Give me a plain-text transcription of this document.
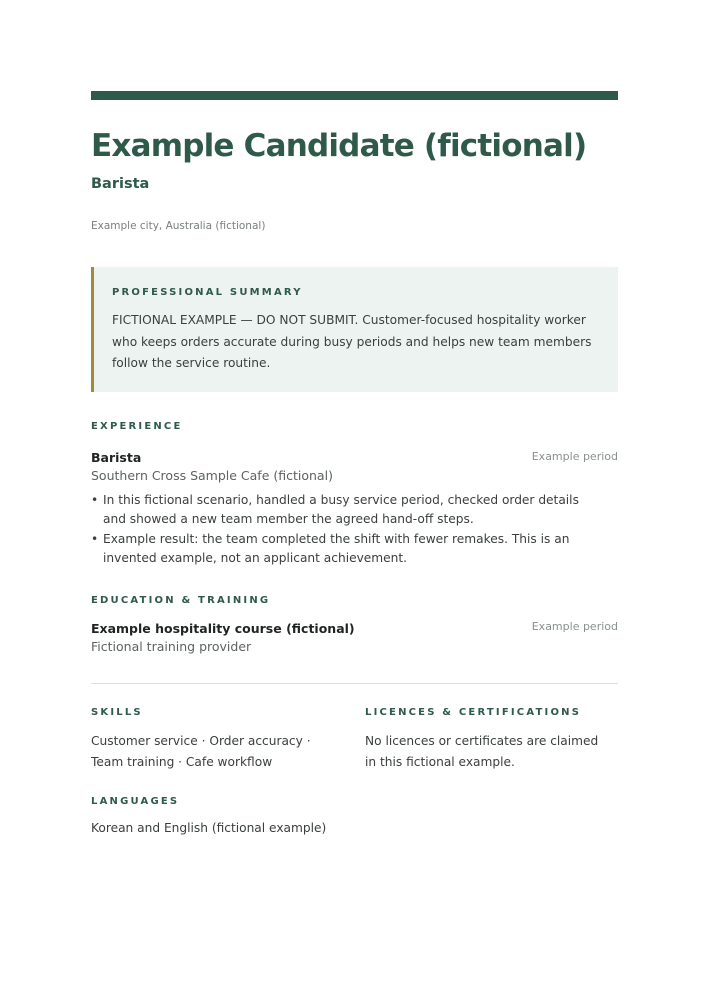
Example Candidate (fictional)
Barista
Example city, Australia (fictional)
PROFESSIONAL SUMMARY
FICTIONAL EXAMPLE — DO NOT SUBMIT. Customer-focused hospitality worker who keeps orders accurate during busy periods and helps new team members follow the service routine.
EXPERIENCE
Barista	Example period
Southern Cross Sample Cafe (fictional)
• In this fictional scenario, handled a busy service period, checked order details and showed a new team member the agreed hand-off steps.
• Example result: the team completed the shift with fewer remakes. This is an invented example, not an applicant achievement.
EDUCATION & TRAINING
Example hospitality course (fictional)	Example period
Fictional training provider
SKILLS
Customer service · Order accuracy · Team training · Cafe workflow
LICENCES & CERTIFICATIONS
No licences or certificates are claimed in this fictional example.
LANGUAGES
Korean and English (fictional example)
